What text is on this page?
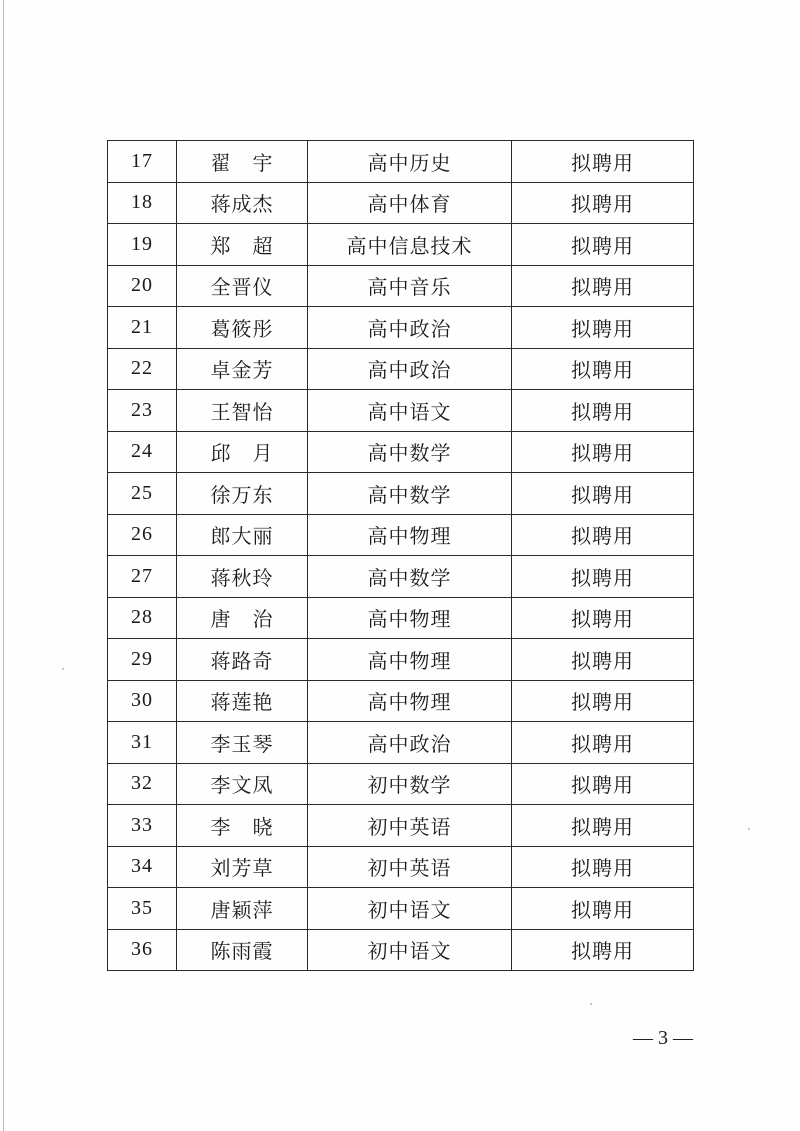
17	翟　宇	高中历史	拟聘用
18	蒋成杰	高中体育	拟聘用
19	郑　超	高中信息技术	拟聘用
20	全晋仪	高中音乐	拟聘用
21	葛筱彤	高中政治	拟聘用
22	卓金芳	高中政治	拟聘用
23	王智怡	高中语文	拟聘用
24	邱　月	高中数学	拟聘用
25	徐万东	高中数学	拟聘用
26	郎大丽	高中物理	拟聘用
27	蒋秋玲	高中数学	拟聘用
28	唐　治	高中物理	拟聘用
29	蒋路奇	高中物理	拟聘用
30	蒋莲艳	高中物理	拟聘用
31	李玉琴	高中政治	拟聘用
32	李文凤	初中数学	拟聘用
33	李　晓	初中英语	拟聘用
34	刘芳草	初中英语	拟聘用
35	唐颖萍	初中语文	拟聘用
36	陈雨霞	初中语文	拟聘用
— 3 —
